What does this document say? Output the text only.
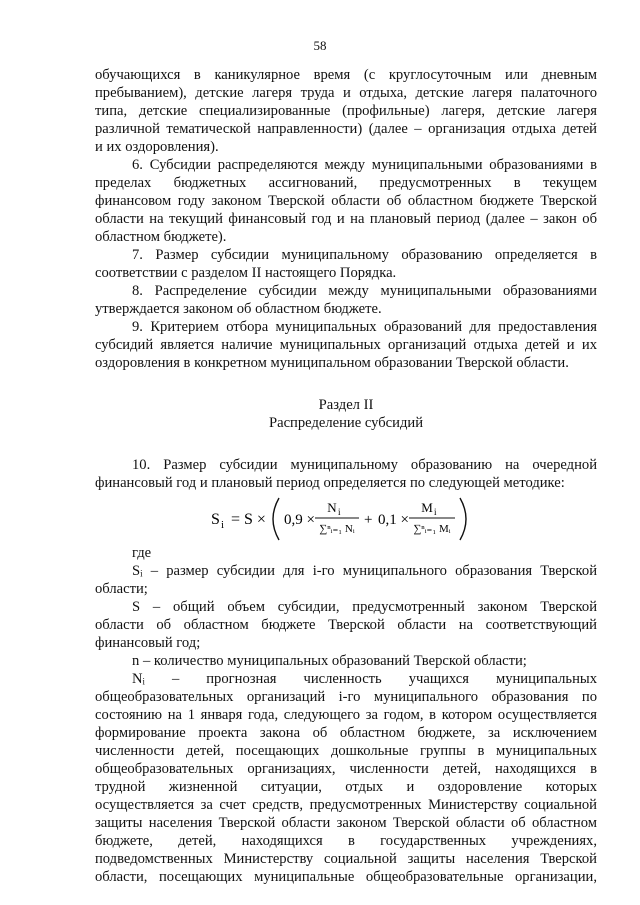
58

обучающихся в каникулярное время (с круглосуточным или дневным
пребыванием), детские лагеря труда и отдыха, детские лагеря палаточного
типа, детские специализированные (профильные) лагеря, детские лагеря
различной тематической направленности) (далее – организация отдыха детей
и их оздоровления).

6. Субсидии распределяются между муниципальными образованиями в
пределах бюджетных ассигнований, предусмотренных в текущем
финансовом году законом Тверской области об областном бюджете Тверской
области на текущий финансовый год и на плановый период (далее – закон об
областном бюджете).

7. Размер субсидии муниципальному образованию определяется в
соответствии с разделом II настоящего Порядка.

8. Распределение субсидии между муниципальными образованиями
утверждается законом об областном бюджете.

9. Критерием отбора муниципальных образований для предоставления
субсидий является наличие муниципальных организаций отдыха детей и их
оздоровления в конкретном муниципальном образовании Тверской области.

Раздел II

Распределение субсидий

10. Размер субсидии муниципальному образованию на очередной
финансовый год и плановый период определяется по следующей методике:

S i = S × 0,9 ×
N i
∑ⁿᵢ₌₁ Nᵢ
+ 0,1 ×
M i
∑ⁿᵢ₌₁ Mᵢ

где

Sᵢ – размер субсидии для i-го муниципального образования Тверской
области;

S – общий объем субсидии, предусмотренный законом Тверской
области об областном бюджете Тверской области на соответствующий
финансовый год;

n – количество муниципальных образований Тверской области;

Nᵢ – прогнозная численность учащихся муниципальных
общеобразовательных организаций i-го муниципального образования по
состоянию на 1 января года, следующего за годом, в котором осуществляется
формирование проекта закона об областном бюджете, за исключением
численности детей, посещающих дошкольные группы в муниципальных
общеобразовательных организациях, численности детей, находящихся в
трудной жизненной ситуации, отдых и оздоровление которых
осуществляется за счет средств, предусмотренных Министерству социальной
защиты населения Тверской области законом Тверской области об областном
бюджете, детей, находящихся в государственных учреждениях,
подведомственных Министерству социальной защиты населения Тверской
области, посещающих муниципальные общеобразовательные организации,
